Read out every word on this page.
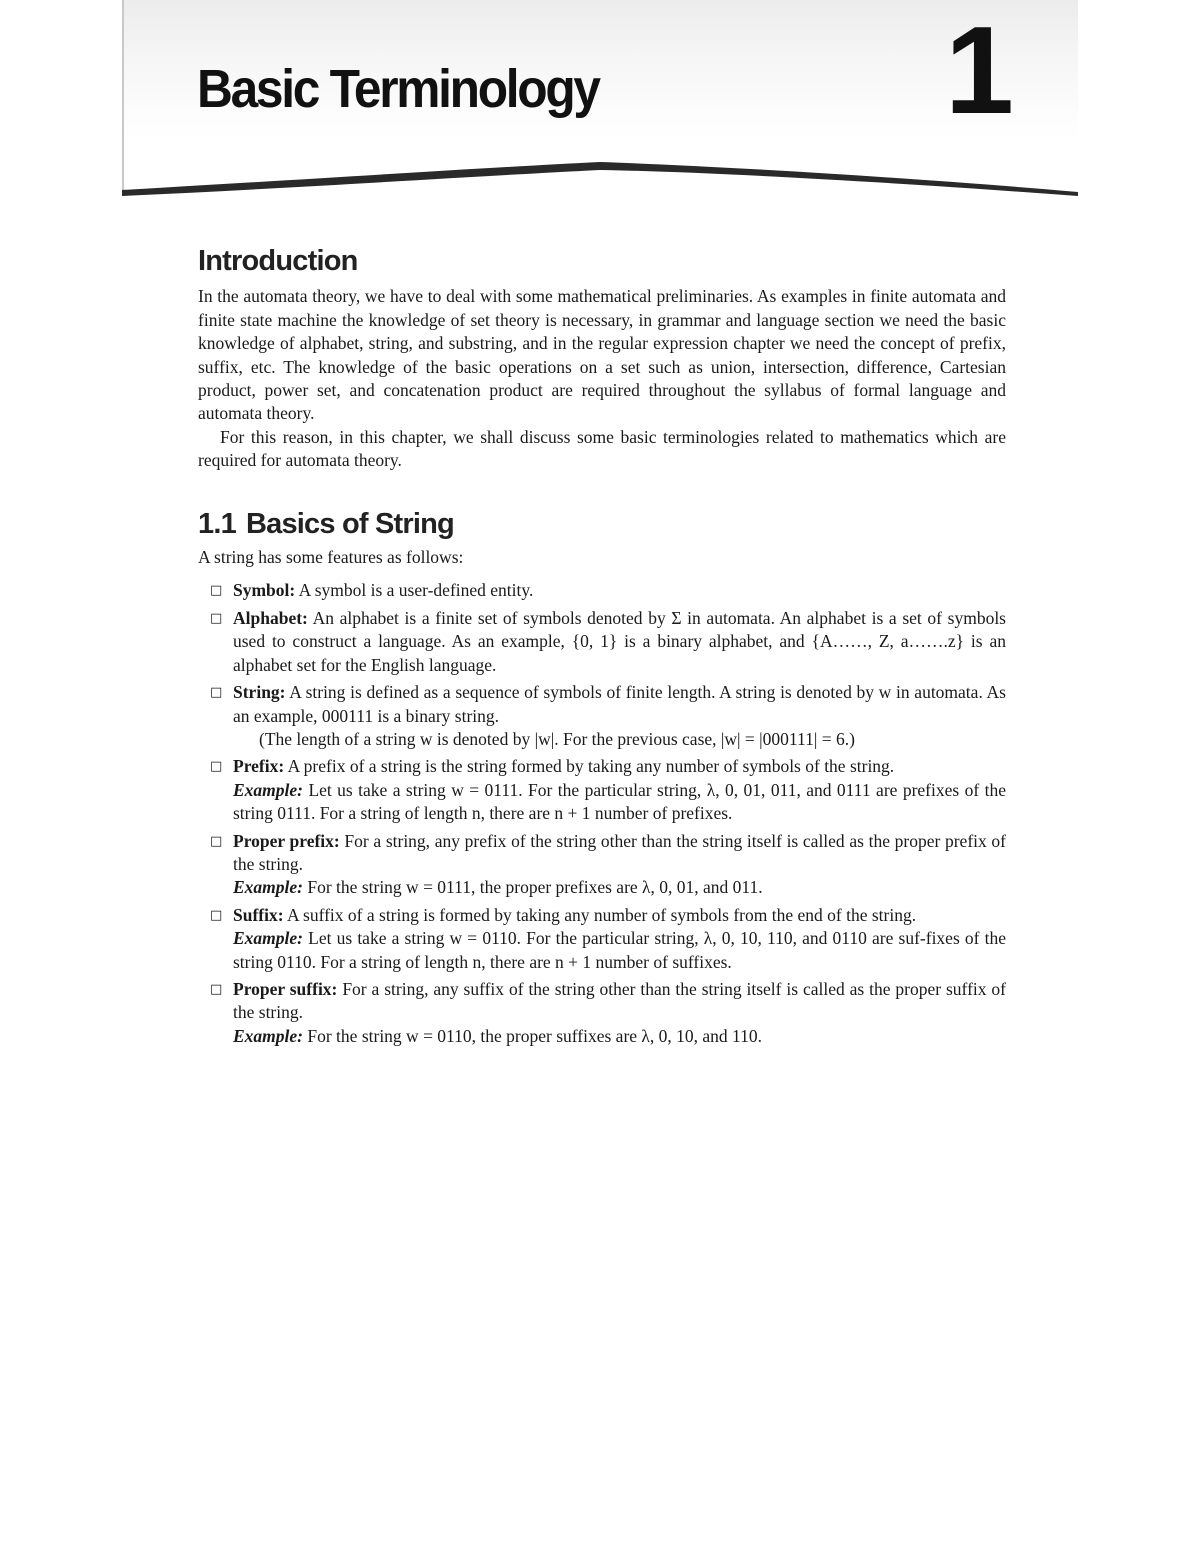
Basic Terminology	1
Introduction

In the automata theory, we have to deal with some mathematical preliminaries. As examples in finite automata and finite state machine the knowledge of set theory is necessary, in grammar and language section we need the basic knowledge of alphabet, string, and substring, and in the regular expression chapter we need the concept of prefix, suffix, etc. The knowledge of the basic operations on a set such as union, intersection, difference, Cartesian product, power set, and concatenation product are required throughout the syllabus of formal language and automata theory.

For this reason, in this chapter, we shall discuss some basic terminologies related to mathematics which are required for automata theory.

1.1 Basics of String

A string has some features as follows:

□ Symbol: A symbol is a user-defined entity.
□ Alphabet: An alphabet is a finite set of symbols denoted by Σ in automata. An alphabet is a set of symbols used to construct a language. As an example, {0, 1} is a binary alphabet, and {A……, Z, a…….z} is an alphabet set for the English language.
□ String: A string is defined as a sequence of symbols of finite length. A string is denoted by w in automata. As an example, 000111 is a binary string.
(The length of a string w is denoted by |w|. For the previous case, |w| = |000111| = 6.)
□ Prefix: A prefix of a string is the string formed by taking any number of symbols of the string.
Example: Let us take a string w = 0111. For the particular string, λ, 0, 01, 011, and 0111 are prefixes of the string 0111. For a string of length n, there are n + 1 number of prefixes.
□ Proper prefix: For a string, any prefix of the string other than the string itself is called as the proper prefix of the string.
Example: For the string w = 0111, the proper prefixes are λ, 0, 01, and 011.
□ Suffix: A suffix of a string is formed by taking any number of symbols from the end of the string.
Example: Let us take a string w = 0110. For the particular string, λ, 0, 10, 110, and 0110 are suf-fixes of the string 0110. For a string of length n, there are n + 1 number of suffixes.
□ Proper suffix: For a string, any suffix of the string other than the string itself is called as the proper suffix of the string.
Example: For the string w = 0110, the proper suffixes are λ, 0, 10, and 110.
